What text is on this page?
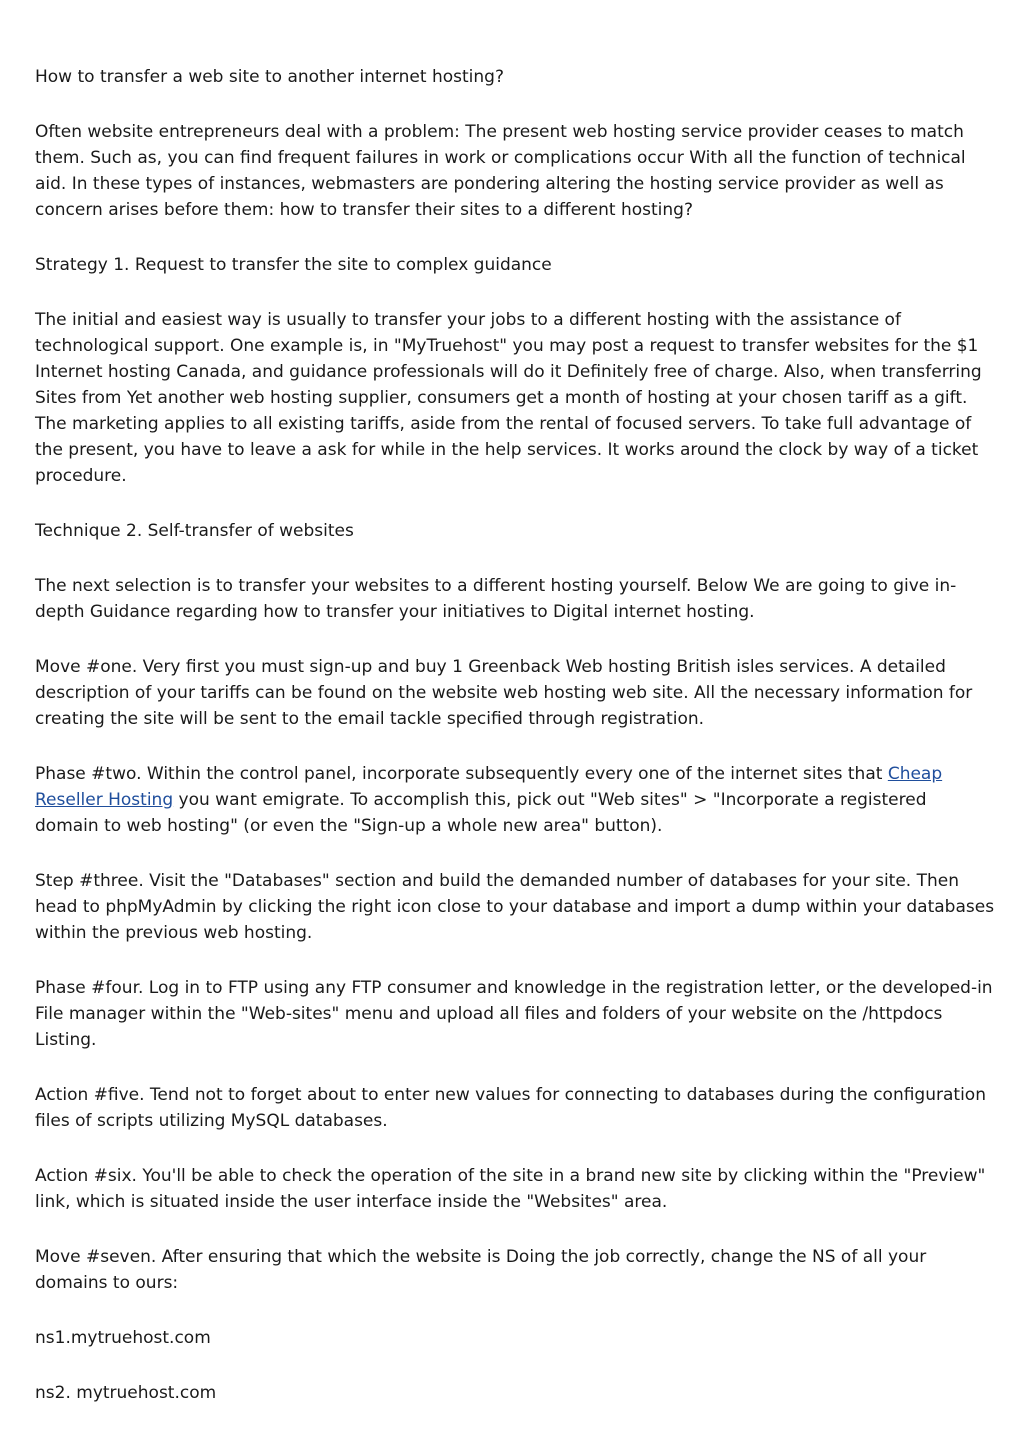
How to transfer a web site to another internet hosting?

Often website entrepreneurs deal with a problem: The present web hosting service provider ceases to match them. Such as, you can find frequent failures in work or complications occur With all the function of technical aid. In these types of instances, webmasters are pondering altering the hosting service provider as well as concern arises before them: how to transfer their sites to a different hosting?

Strategy 1. Request to transfer the site to complex guidance

The initial and easiest way is usually to transfer your jobs to a different hosting with the assistance of technological support. One example is, in "MyTruehost" you may post a request to transfer websites for the $1 Internet hosting Canada, and guidance professionals will do it Definitely free of charge. Also, when transferring Sites from Yet another web hosting supplier, consumers get a month of hosting at your chosen tariff as a gift. The marketing applies to all existing tariffs, aside from the rental of focused servers. To take full advantage of the present, you have to leave a ask for while in the help services. It works around the clock by way of a ticket procedure.

Technique 2. Self-transfer of websites

The next selection is to transfer your websites to a different hosting yourself. Below We are going to give in-depth Guidance regarding how to transfer your initiatives to Digital internet hosting.

Move #one. Very first you must sign-up and buy 1 Greenback Web hosting British isles services. A detailed description of your tariffs can be found on the website web hosting web site. All the necessary information for creating the site will be sent to the email tackle specified through registration.

Phase #two. Within the control panel, incorporate subsequently every one of the internet sites that Cheap Reseller Hosting you want emigrate. To accomplish this, pick out "Web sites" > "Incorporate a registered domain to web hosting" (or even the "Sign-up a whole new area" button).

Step #three. Visit the "Databases" section and build the demanded number of databases for your site. Then head to phpMyAdmin by clicking the right icon close to your database and import a dump within your databases within the previous web hosting.

Phase #four. Log in to FTP using any FTP consumer and knowledge in the registration letter, or the developed-in File manager within the "Web-sites" menu and upload all files and folders of your website on the /httpdocs Listing.

Action #five. Tend not to forget about to enter new values for connecting to databases during the configuration files of scripts utilizing MySQL databases.

Action #six. You'll be able to check the operation of the site in a brand new site by clicking within the "Preview" link, which is situated inside the user interface inside the "Websites" area.

Move #seven. After ensuring that which the website is Doing the job correctly, change the NS of all your domains to ours:

ns1.mytruehost.com

ns2. mytruehost.com
